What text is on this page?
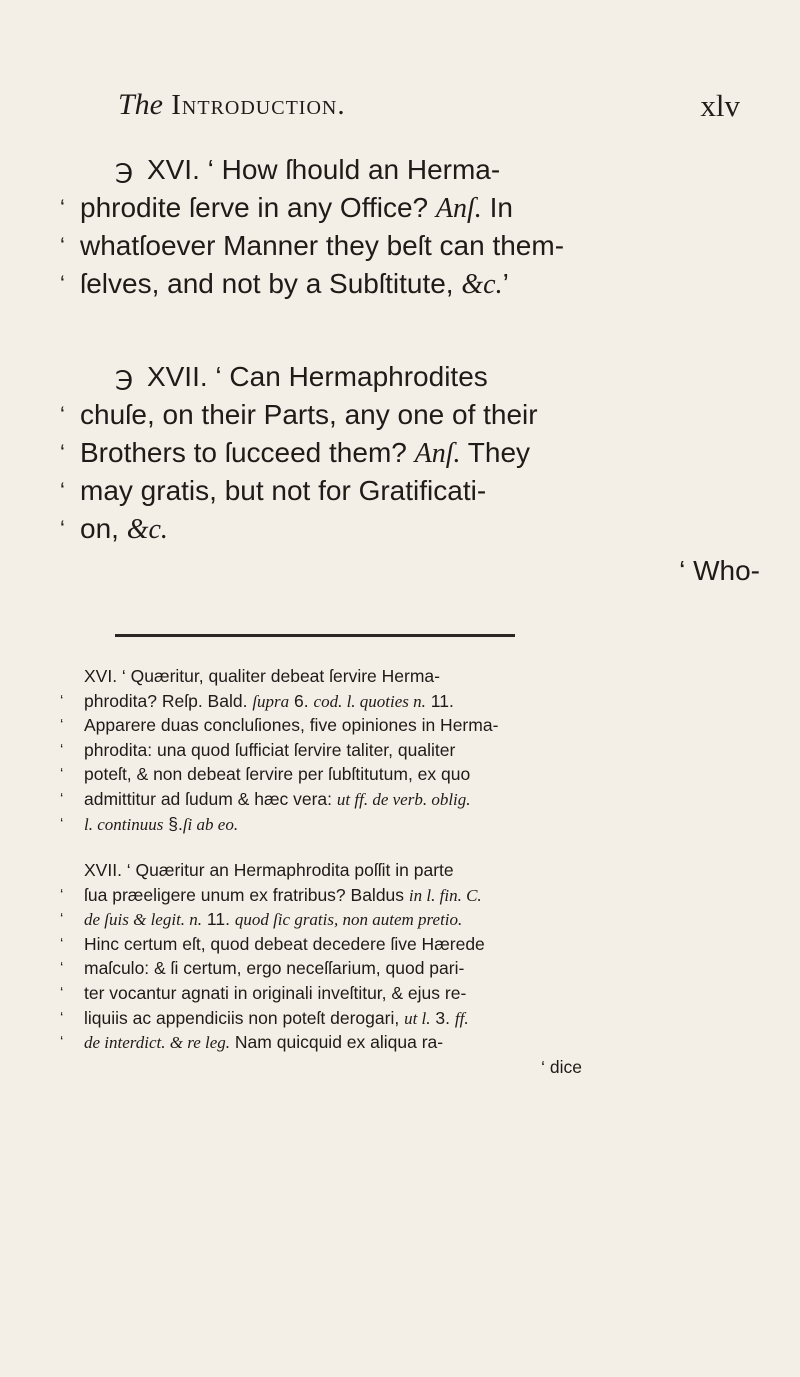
The Introduction.	xlv
℈ XVI. ‘ How ſhould an Herma-
‘ phrodite ſerve in any Office? Anſ. In
‘ whatſoever Manner they beſt can them-
‘ ſelves, and not by a Subſtitute, &c.’
℈ XVII. ‘ Can Hermaphrodites
‘ chuſe, on their Parts, any one of their
‘ Brothers to ſucceed them? Anſ. They
‘ may gratis, but not for Gratificati-
‘ on, &c.
‘ Who-
XVI. ‘ Quæritur, qualiter debeat ſervire Herma-
‘	phrodita? Reſp. Bald. ſupra 6. cod. l. quoties n. 11.
‘	Apparere duas concluſiones, five opiniones in Herma-
‘	phrodita: una quod ſufficiat ſervire taliter, qualiter
‘	poteſt, & non debeat ſervire per ſubſtitutum, ex quo
‘	admittitur ad ſudum & hæc vera: ut ff. de verb. oblig.
‘	l. continuus §.ſi ab eo.
XVII. ‘ Quæritur an Hermaphrodita poſſit in parte
‘	ſua præeligere unum ex fratribus? Baldus in l. fin. C.
‘	de ſuis & legit. n. 11. quod ſic gratis, non autem pretio.
‘	Hinc certum eſt, quod debeat decedere ſive Hærede
‘	maſculo: & ſi certum, ergo neceſſarium, quod pari-
‘	ter vocantur agnati in originali inveſtitur, & ejus re-
‘	liquiis ac appendiciis non poteſt derogari, ut l. 3. ff.
‘	de interdict. & re leg. Nam quicquid ex aliqua ra-
‘ dice
